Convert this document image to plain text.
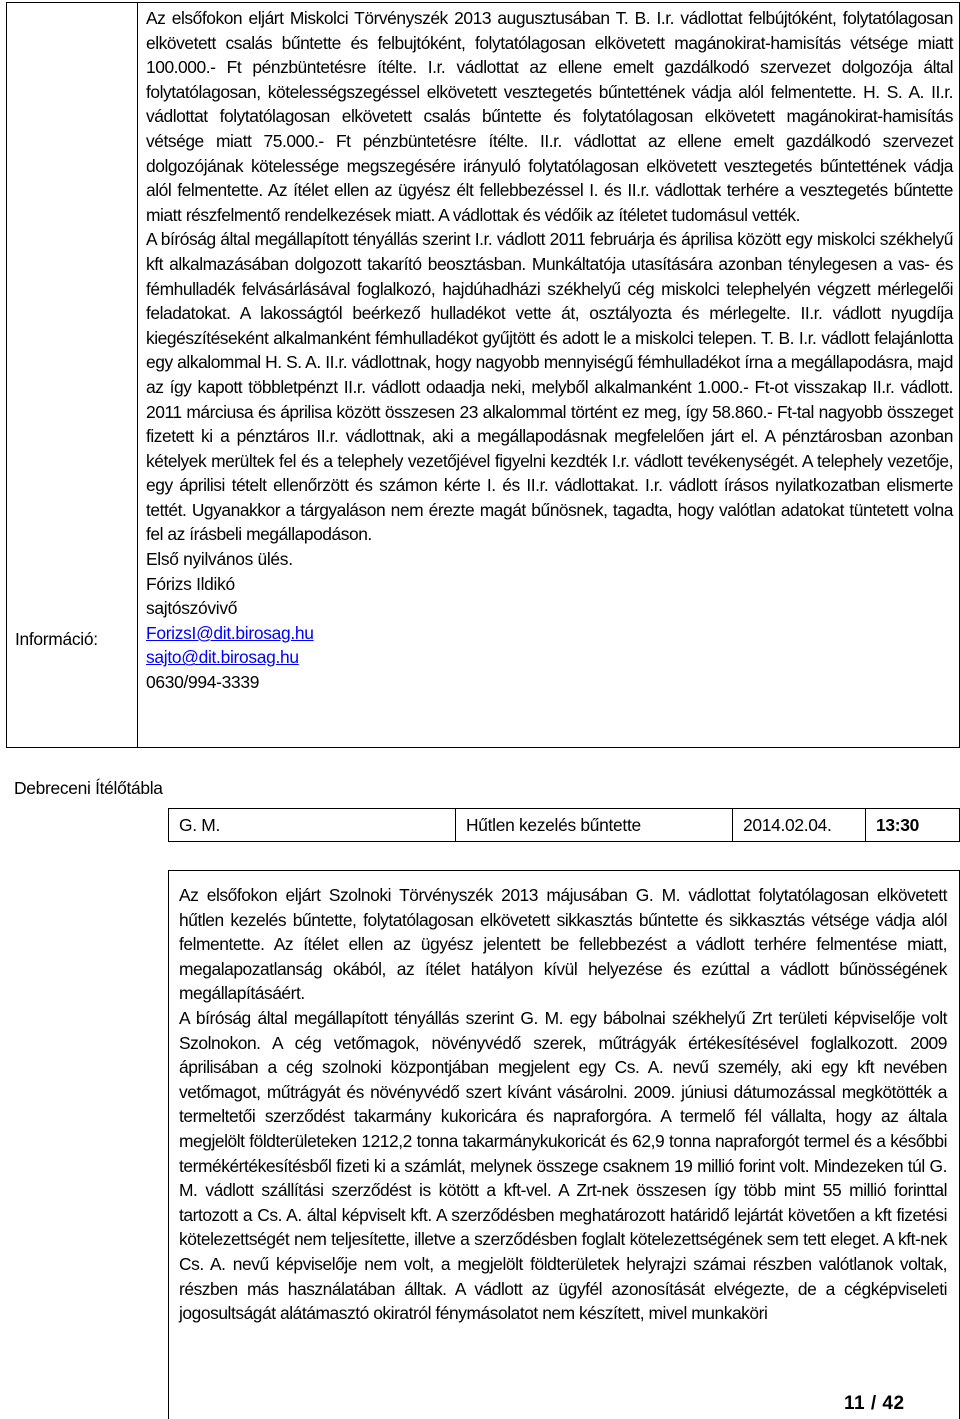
Információ:

Az elsőfokon eljárt Miskolci Törvényszék 2013 augusztusában T. B. I.r. vádlottat felbújtóként, folytatólagosan elkövetett csalás bűntette és felbujtóként, folytatólagosan elkövetett magánokirat-hamisítás vétsége miatt 100.000.- Ft pénzbüntetésre ítélte. I.r. vádlottat az ellene emelt gazdálkodó szervezet dolgozója által folytatólagosan, kötelességszegéssel elkövetett vesztegetés bűntettének vádja alól felmentette. H. S. A. II.r. vádlottat folytatólagosan elkövetett csalás bűntette és folytatólagosan elkövetett magánokirat-hamisítás vétsége miatt 75.000.- Ft pénzbüntetésre ítélte. II.r. vádlottat az ellene emelt gazdálkodó szervezet dolgozójának kötelessége megszegésére irányuló folytatólagosan elkövetett vesztegetés bűntettének vádja alól felmentette. Az ítélet ellen az ügyész élt fellebbezéssel I. és II.r. vádlottak terhére a vesztegetés bűntette miatt részfelmentő rendelkezések miatt. A vádlottak és védőik az ítéletet tudomásul vették.

A bíróság által megállapított tényállás szerint I.r. vádlott 2011 februárja és áprilisa között egy miskolci székhelyű kft alkalmazásában dolgozott takarító beosztásban. Munkáltatója utasítására azonban ténylegesen a vas- és fémhulladék felvásárlásával foglalkozó, hajdúhadházi székhelyű cég miskolci telephelyén végzett mérlegelői feladatokat. A lakosságtól beérkező hulladékot vette át, osztályozta és mérlegelte. II.r. vádlott nyugdíja kiegészítéseként alkalmanként fémhulladékot gyűjtött és adott le a miskolci telepen. T. B. I.r. vádlott felajánlotta egy alkalommal H. S. A. II.r. vádlottnak, hogy nagyobb mennyiségű fémhulladékot írna a megállapodásra, majd az így kapott többletpénzt II.r. vádlott odaadja neki, melyből alkalmanként 1.000.- Ft-ot visszakap II.r. vádlott. 2011 márciusa és áprilisa között összesen 23 alkalommal történt ez meg, így 58.860.- Ft-tal nagyobb összeget fizetett ki a pénztáros II.r. vádlottnak, aki a megállapodásnak megfelelően járt el. A pénztárosban azonban kételyek merültek fel és a telephely vezetőjével figyelni kezdték I.r. vádlott tevékenységét. A telephely vezetője, egy áprilisi tételt ellenőrzött és számon kérte I. és II.r. vádlottakat. I.r. vádlott írásos nyilatkozatban elismerte tettét. Ugyanakkor a tárgyaláson nem érezte magát bűnösnek, tagadta, hogy valótlan adatokat tüntetett volna fel az írásbeli megállapodáson.

Első nyilvános ülés.
Fórizs Ildikó
sajtószóvivő
ForizsI@dit.birosag.hu
sajto@dit.birosag.hu
0630/994-3339
Debreceni Ítélőtábla
G. M.	Hűtlen kezelés bűntette	2014.02.04.	13:30

Az elsőfokon eljárt Szolnoki Törvényszék 2013 májusában G. M. vádlottat folytatólagosan elkövetett hűtlen kezelés bűntette, folytatólagosan elkövetett sikkasztás bűntette és sikkasztás vétsége vádja alól felmentette. Az ítélet ellen az ügyész jelentett be fellebbezést a vádlott terhére felmentése miatt, megalapozatlanság okából, az ítélet hatályon kívül helyezése és ezúttal a vádlott bűnösségének megállapításáért.

A bíróság által megállapított tényállás szerint G. M. egy bábolnai székhelyű Zrt területi képviselője volt Szolnokon. A cég vetőmagok, növényvédő szerek, műtrágyák értékesítésével foglalkozott. 2009 áprilisában a cég szolnoki központjában megjelent egy Cs. A. nevű személy, aki egy kft nevében vetőmagot, műtrágyát és növényvédő szert kívánt vásárolni. 2009. júniusi dátumozással megkötötték a termeltetői szerződést takarmány kukoricára és napraforgóra. A termelő fél vállalta, hogy az általa megjelölt földterületeken 1212,2 tonna takarmánykukoricát és 62,9 tonna napraforgót termel és a későbbi termékértékesítésből fizeti ki a számlát, melynek összege csaknem 19 millió forint volt. Mindezeken túl G. M. vádlott szállítási szerződést is kötött a kft-vel. A Zrt-nek összesen így több mint 55 millió forinttal tartozott a Cs. A. által képviselt kft. A szerződésben meghatározott határidő lejártát követően a kft fizetési kötelezettségét nem teljesítette, illetve a szerződésben foglalt kötelezettségének sem tett eleget. A kft-nek Cs. A. nevű képviselője nem volt, a megjelölt földterületek helyrajzi számai részben valótlanok voltak, részben más használatában álltak. A vádlott az ügyfél azonosítását elvégezte, de a cégképviseleti jogosultságát alátámasztó okiratról fénymásolatot nem készített, mivel munkaköri

11 / 42
